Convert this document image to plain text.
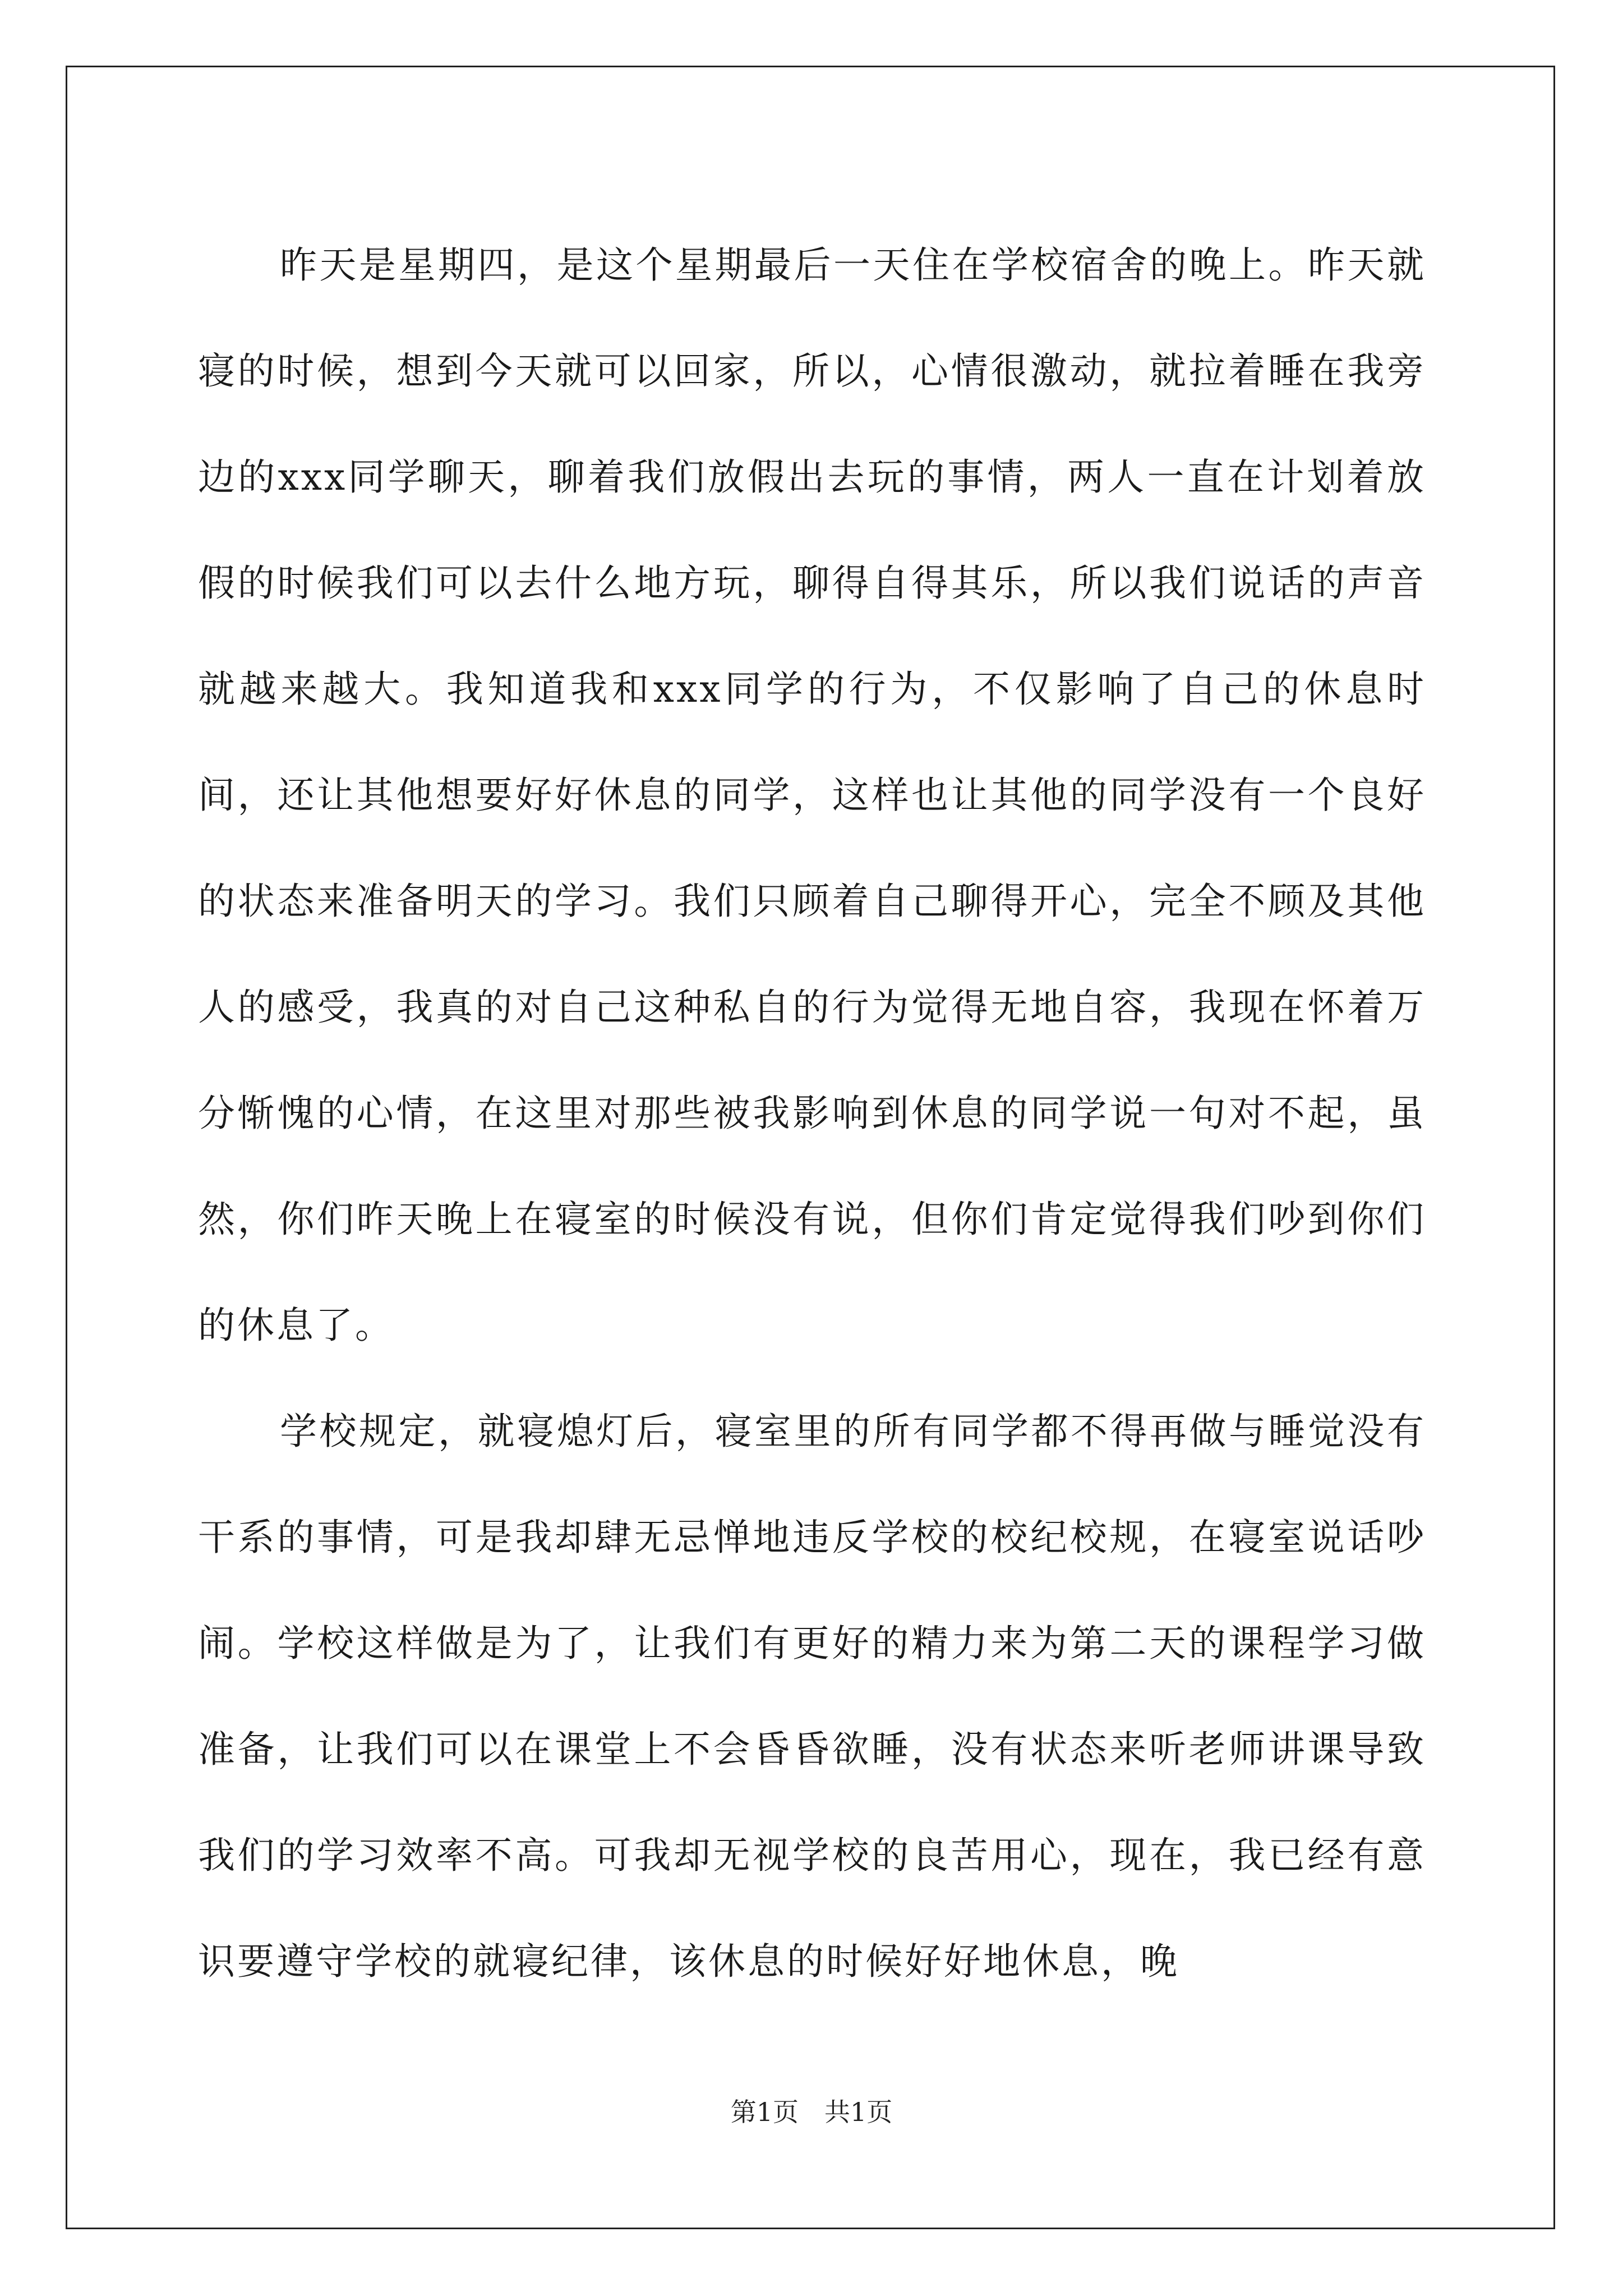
昨天是星期四，是这个星期最后一天住在学校宿舍的晚上。昨天就寝的时候，想到今天就可以回家，所以，心情很激动，就拉着睡在我旁边的xxx同学聊天，聊着我们放假出去玩的事情，两人一直在计划着放假的时候我们可以去什么地方玩，聊得自得其乐，所以我们说话的声音就越来越大。我知道我和xxx同学的行为，不仅影响了自己的休息时间，还让其他想要好好休息的同学，这样也让其他的同学没有一个良好的状态来准备明天的学习。我们只顾着自己聊得开心，完全不顾及其他人的感受，我真的对自己这种私自的行为觉得无地自容，我现在怀着万分惭愧的心情，在这里对那些被我影响到休息的同学说一句对不起，虽然，你们昨天晚上在寝室的时候没有说，但你们肯定觉得我们吵到你们的休息了。

学校规定，就寝熄灯后，寝室里的所有同学都不得再做与睡觉没有干系的事情，可是我却肆无忌惮地违反学校的校纪校规，在寝室说话吵闹。学校这样做是为了，让我们有更好的精力来为第二天的课程学习做准备，让我们可以在课堂上不会昏昏欲睡，没有状态来听老师讲课导致我们的学习效率不高。可我却无视学校的良苦用心，现在，我已经有意识要遵守学校的就寝纪律，该休息的时候好好地休息，晚

第1页　共1页
